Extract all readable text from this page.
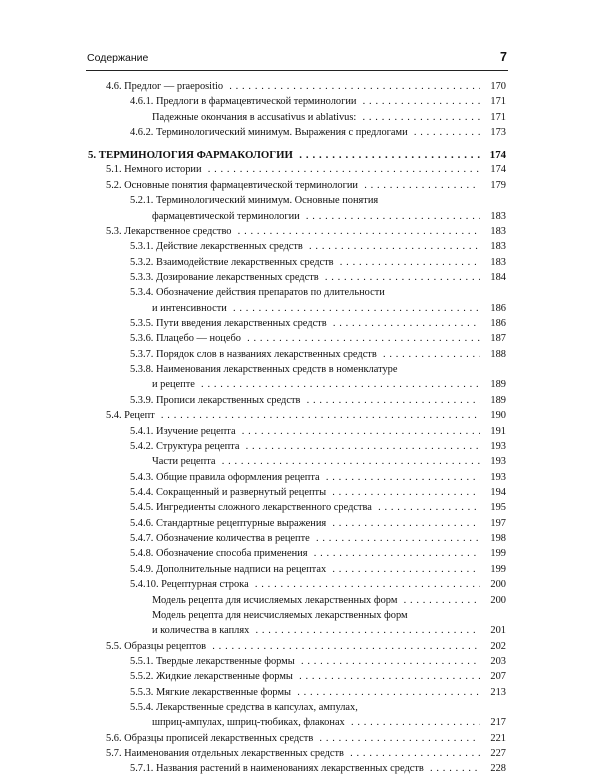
Содержание	7
4.6. Предлог — praepositio . . .	170
4.6.1. Предлоги в фармацевтической терминологии . . .	171
Падежные окончания в accusativus и ablativus: . . .	171
4.6.2. Терминологический минимум. Выражения с предлогами . . .	173
5. ТЕРМИНОЛОГИЯ ФАРМАКОЛОГИИ . . .	174
5.1. Немного истории . . .	174
5.2. Основные понятия фармацевтической терминологии . . .	179
5.2.1. Терминологический минимум. Основные понятия
фармацевтической терминологии . . .	183
5.3. Лекарственное средство . . .	183
5.3.1. Действие лекарственных средств . . .	183
5.3.2. Взаимодействие лекарственных средств . . .	183
5.3.3. Дозирование лекарственных средств . . .	184
5.3.4. Обозначение действия препаратов по длительности
и интенсивности . . .	186
5.3.5. Пути введения лекарственных средств . . .	186
5.3.6. Плацебо — ноцебо . . .	187
5.3.7. Порядок слов в названиях лекарственных средств . . .	188
5.3.8. Наименования лекарственных средств в номенклатуре
и рецепте . . .	189
5.3.9. Прописи лекарственных средств . . .	189
5.4. Рецепт . . .	190
5.4.1. Изучение рецепта . . .	191
5.4.2. Структура рецепта . . .	193
Части рецепта . . .	193
5.4.3. Общие правила оформления рецепта . . .	193
5.4.4. Сокращенный и развернутый рецепты . . .	194
5.4.5. Ингредиенты сложного лекарственного средства . . .	195
5.4.6. Стандартные рецептурные выражения . . .	197
5.4.7. Обозначение количества в рецепте . . .	198
5.4.8. Обозначение способа применения . . .	199
5.4.9. Дополнительные надписи на рецептах . . .	199
5.4.10. Рецептурная строка . . .	200
Модель рецепта для исчисляемых лекарственных форм . . .	200
Модель рецепта для неисчисляемых лекарственных форм
и количества в каплях . . .	201
5.5. Образцы рецептов . . .	202
5.5.1. Твердые лекарственные формы . . .	203
5.5.2. Жидкие лекарственные формы . . .	207
5.5.3. Мягкие лекарственные формы . . .	213
5.5.4. Лекарственные средства в капсулах, ампулах,
шприц-ампулах, шприц-тюбиках, флаконах . . .	217
5.6. Образцы прописей лекарственных средств . . .	221
5.7. Наименования отдельных лекарственных средств . . .	227
5.7.1. Названия растений в наименованиях лекарственных средств . . .	228
